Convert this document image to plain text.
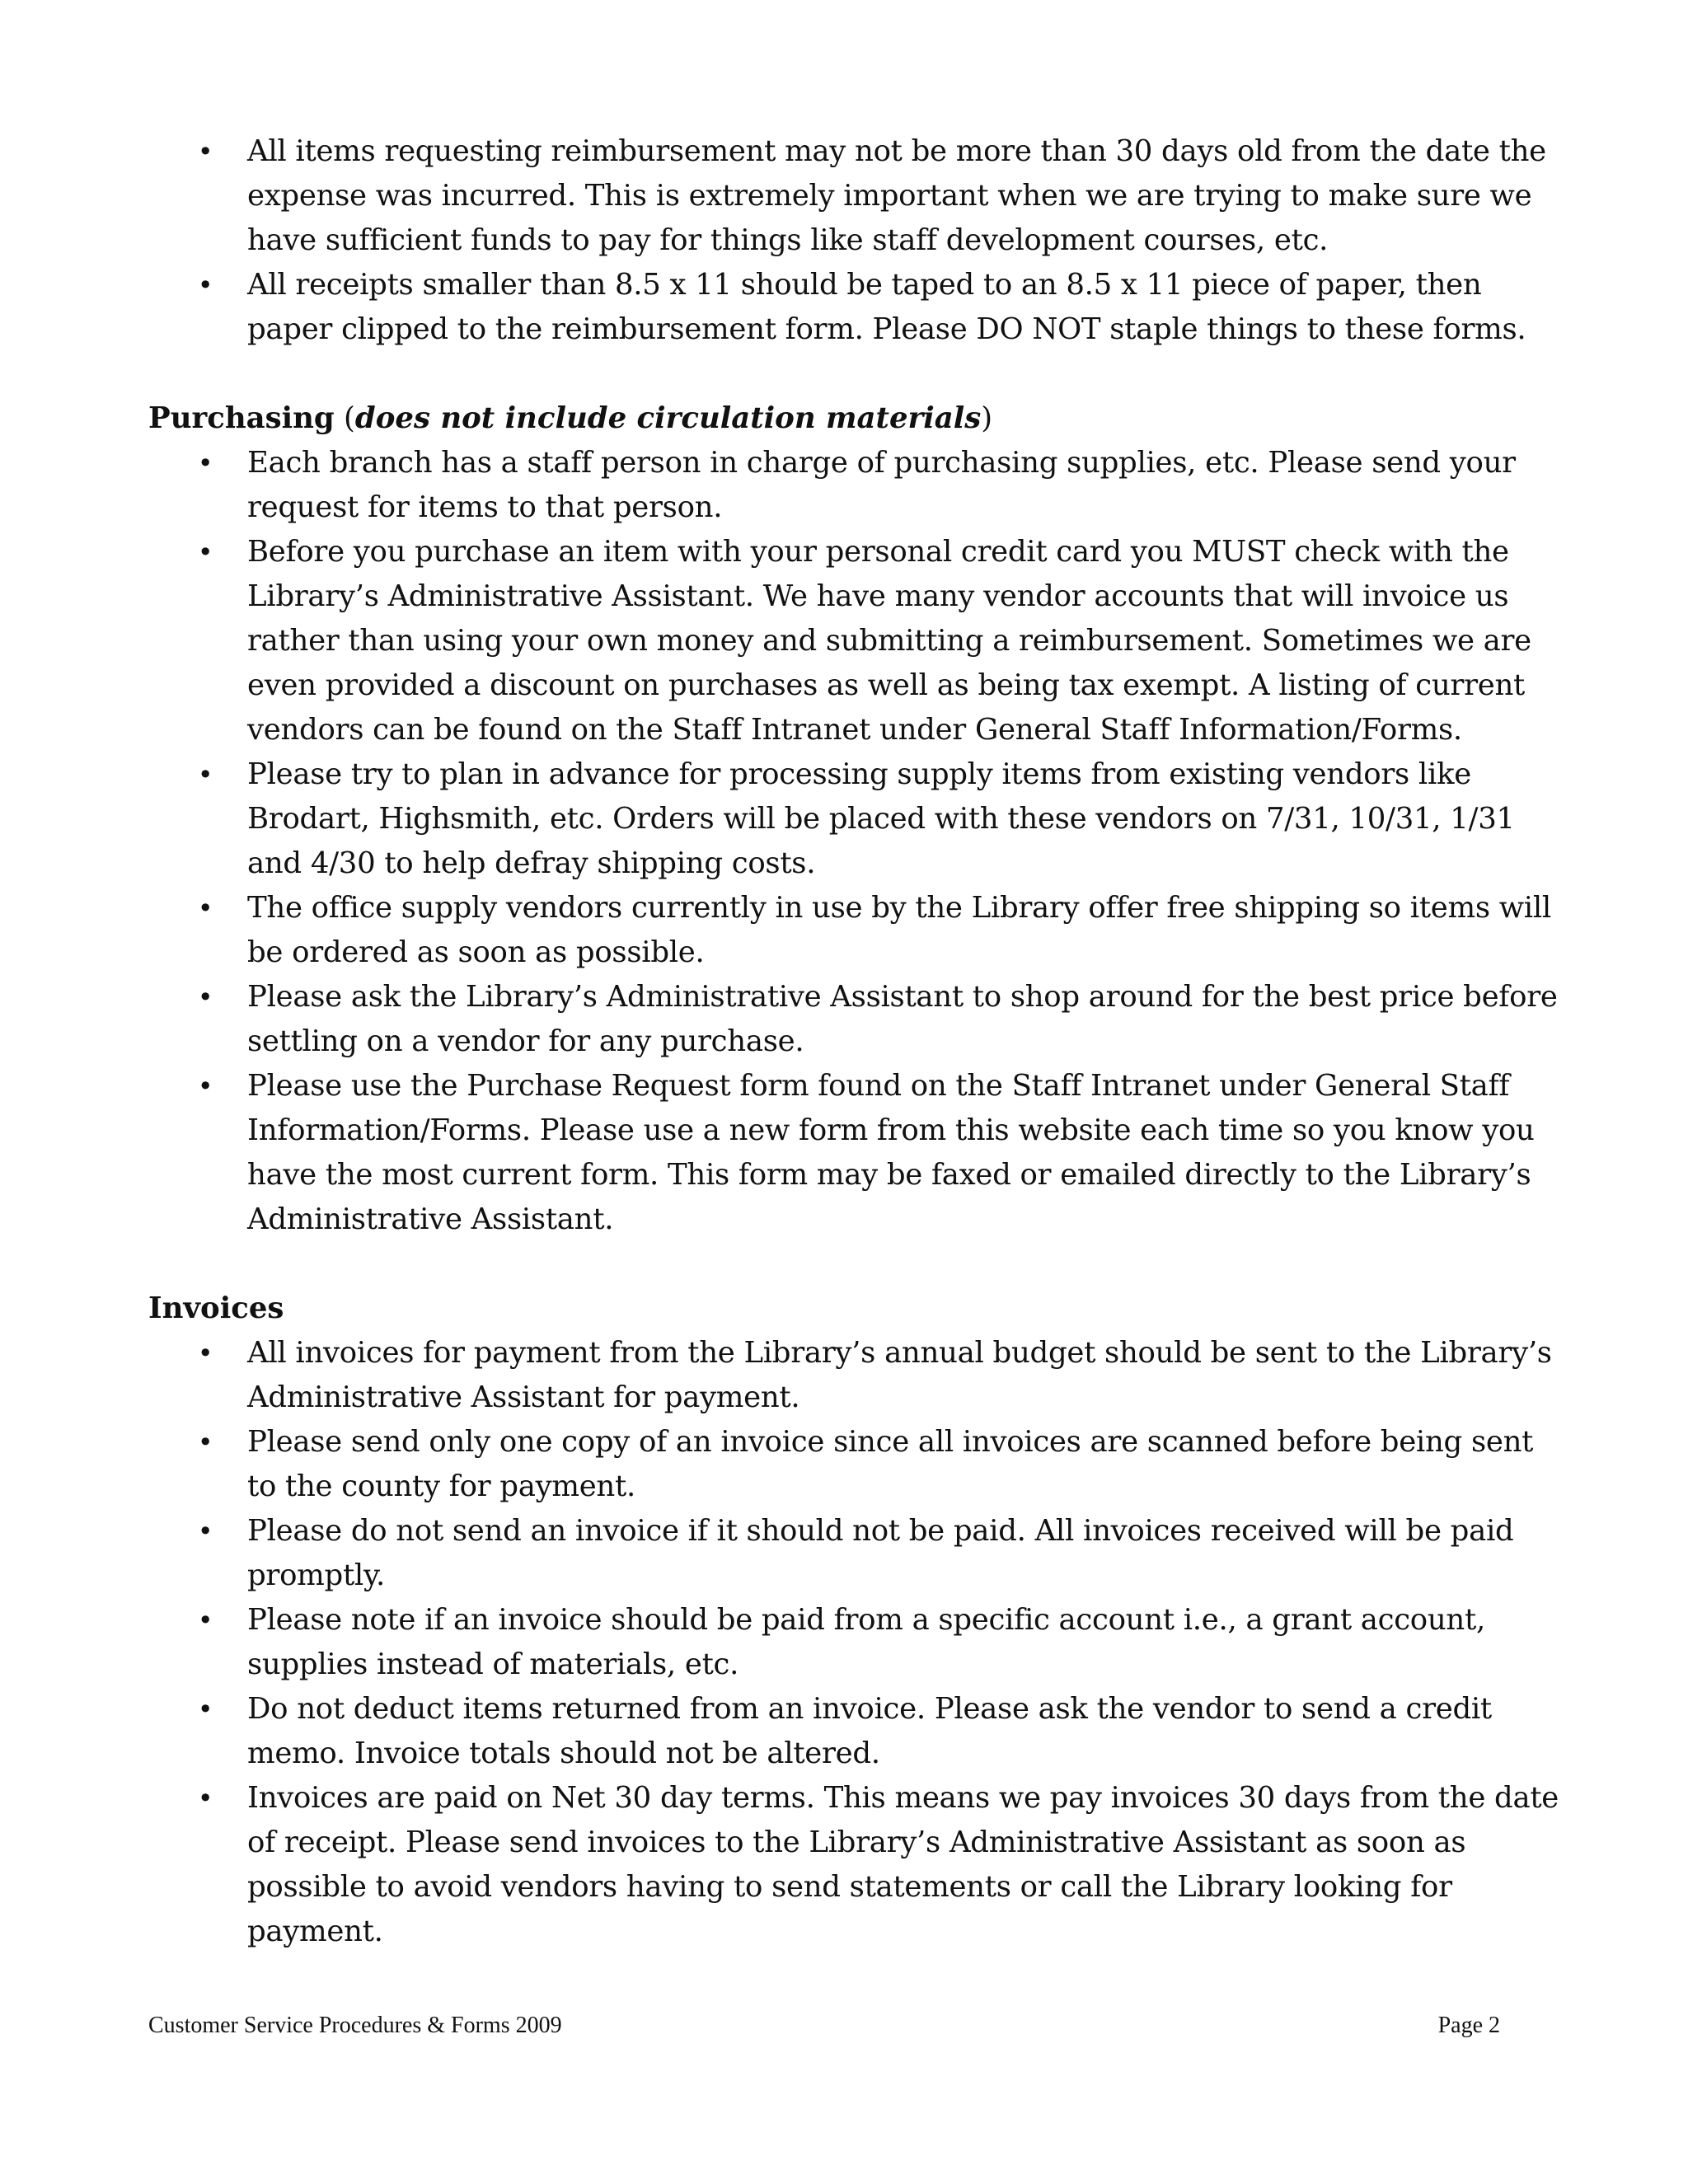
• All items requesting reimbursement may not be more than 30 days old from the date the expense was incurred. This is extremely important when we are trying to make sure we have sufficient funds to pay for things like staff development courses, etc.
• All receipts smaller than 8.5 x 11 should be taped to an 8.5 x 11 piece of paper, then paper clipped to the reimbursement form. Please DO NOT staple things to these forms.

Purchasing (does not include circulation materials)

• Each branch has a staff person in charge of purchasing supplies, etc. Please send your request for items to that person.
• Before you purchase an item with your personal credit card you MUST check with the Library’s Administrative Assistant. We have many vendor accounts that will invoice us rather than using your own money and submitting a reimbursement. Sometimes we are even provided a discount on purchases as well as being tax exempt. A listing of current vendors can be found on the Staff Intranet under General Staff Information/Forms.
• Please try to plan in advance for processing supply items from existing vendors like Brodart, Highsmith, etc. Orders will be placed with these vendors on 7/31, 10/31, 1/31 and 4/30 to help defray shipping costs.
• The office supply vendors currently in use by the Library offer free shipping so items will be ordered as soon as possible.
• Please ask the Library’s Administrative Assistant to shop around for the best price before settling on a vendor for any purchase.
• Please use the Purchase Request form found on the Staff Intranet under General Staff Information/Forms. Please use a new form from this website each time so you know you have the most current form. This form may be faxed or emailed directly to the Library’s Administrative Assistant.

Invoices

• All invoices for payment from the Library’s annual budget should be sent to the Library’s Administrative Assistant for payment.
• Please send only one copy of an invoice since all invoices are scanned before being sent to the county for payment.
• Please do not send an invoice if it should not be paid. All invoices received will be paid promptly.
• Please note if an invoice should be paid from a specific account i.e., a grant account, supplies instead of materials, etc.
• Do not deduct items returned from an invoice. Please ask the vendor to send a credit memo. Invoice totals should not be altered.
• Invoices are paid on Net 30 day terms. This means we pay invoices 30 days from the date of receipt. Please send invoices to the Library’s Administrative Assistant as soon as possible to avoid vendors having to send statements or call the Library looking for payment.
Customer Service Procedures & Forms 2009	Page 2
